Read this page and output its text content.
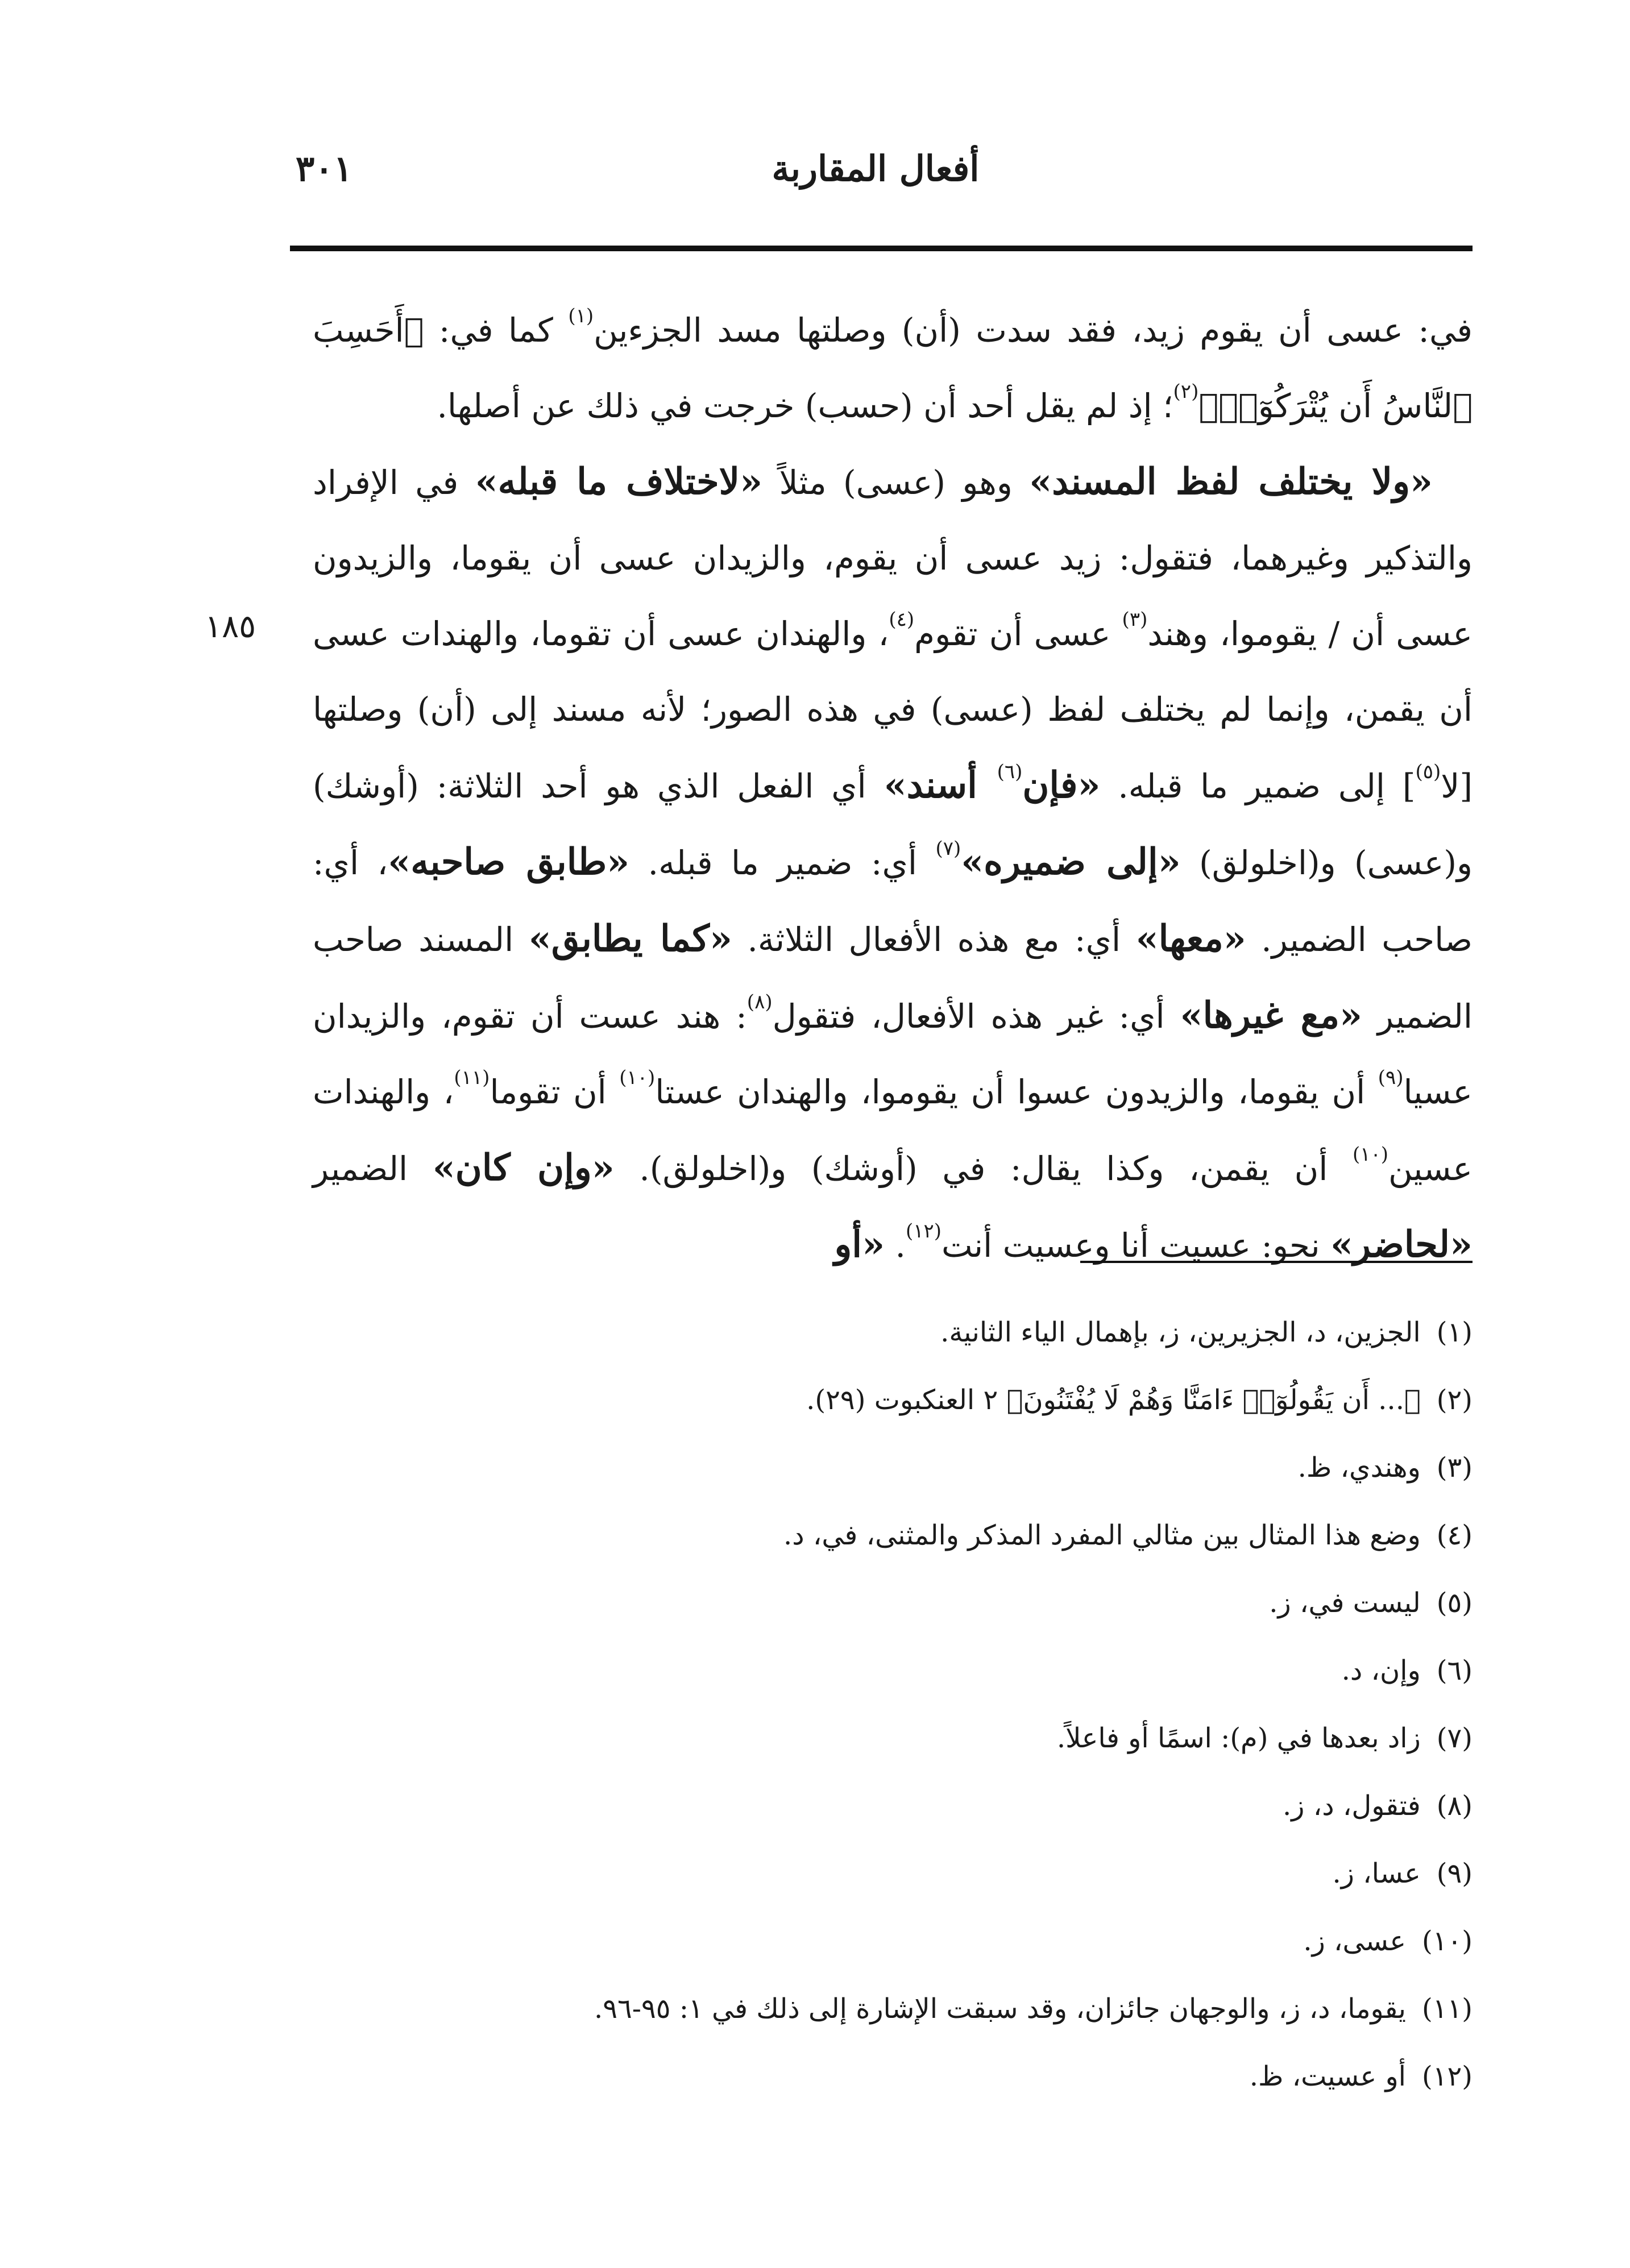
٣٠١	أفعال المقاربة
١٨٥

في: عسى أن يقوم زيد، فقد سدت (أن) وصلتها مسد الجزءين$^{(١)}$ كما في: ﴿أَحَسِبَ ٱلنَّاسُ أَن يُتْرَكُوٓا۟﴾$^{(٢)}$؛ إذ لم يقل أحد أن (حسب) خرجت في ذلك عن أصلها.

«ولا يختلف لفظ المسند» وهو (عسى) مثلاً «لاختلاف ما قبله» في الإفراد والتذكير وغيرهما، فتقول: زيد عسى أن يقوم، والزيدان عسى أن يقوما، والزيدون عسى أن / يقوموا، وهند$^{(٣)}$ عسى أن تقوم$^{(٤)}$، والهندان عسى أن تقوما، والهندات عسى أن يقمن، وإنما لم يختلف لفظ (عسى) في هذه الصور؛ لأنه مسند إلى (أن) وصلتها [لا$^{(٥)}$] إلى ضمير ما قبله. «فإن$^{(٦)}$ أسند» أي الفعل الذي هو أحد الثلاثة: (أوشك) و(عسى) و(اخلولق) «إلى ضميره»$^{(٧)}$ أي: ضمير ما قبله. «طابق صاحبه»، أي: صاحب الضمير. «معها» أي: مع هذه الأفعال الثلاثة. «كما يطابق» المسند صاحب الضمير «مع غيرها» أي: غير هذه الأفعال، فتقول$^{(٨)}$: هند عست أن تقوم، والزيدان عسيا$^{(٩)}$ أن يقوما، والزيدون عسوا أن يقوموا، والهندان عستا$^{(١٠)}$ أن تقوما$^{(١١)}$، والهندات عسين$^{(١٠)}$ أن يقمن، وكذا يقال: في (أوشك) و(اخلولق). «وإن كان» الضمير «لحاضر» نحو: عسيت أنا وعسيت أنت$^{(١٢)}$. «أو

(١)الجزين، د، الجزيرين، ز، بإهمال الياء الثانية.
(٢)﴿... أَن يَقُولُوٓا۟ ءَامَنَّا وَهُمْ لَا يُفْتَنُونَ﴾ ٢ العنكبوت (٢٩).
(٣)وهندي، ظ.
(٤)وضع هذا المثال بين مثالي المفرد المذكر والمثنى، في، د.
(٥)ليست في، ز.
(٦)وإن، د.
(٧)زاد بعدها في (م): اسمًا أو فاعلاً.
(٨)فتقول، د، ز.
(٩)عسا، ز.
(١٠)عسى، ز.
(١١)يقوما، د، ز، والوجهان جائزان، وقد سبقت الإشارة إلى ذلك في ١: ٩٥-٩٦.
(١٢)أو عسيت، ظ.
